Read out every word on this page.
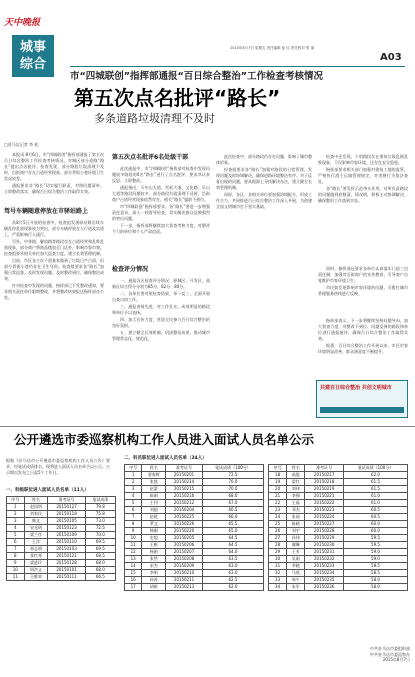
天中晚报
城事综合
2015年8月7日 星期五 责任编辑 崔 红 责任校对 张 丽
A03
市“四城联创”指挥部通报“百日综合整治”工作检查考核情况
第五次点名批评“路长”
多条道路垃圾清理不及时
□驻马店记者 李 松

本报讯 8月6日，市“四城联创”指挥部通报了第五次百日综合整治工作检查考核情况，对城区部分道路“路长”提出点名批评。检查发现，部分路段垃圾清理不及时，沿街商户存在占道经营现象，部分背街小巷环境卫生状况较差。

通报要求各“路长”切实履行职责，对照问题清单，立即整改落实，确保百日综合整治工作取得实效。

驾号车辆随意停放在市驿站路上

从8月5日开展的检查中，检查组发现驿站路沿线车辆乱停乱放现象较为突出，部分车辆停放在人行道及盲道上，严重影响行人通行。

另外，中华路、解放路等路段存在占道经营和乱堆乱放现象，部分商户将商品摆放至门店外，影响市容市貌。检查组要求相关单位加大巡查力度，建立长效管理机制。

目前，市区各主次干道基本做到了垃圾日产日清，但部分背街小巷仍存在卫生死角。检查组要求各“路长”加强日常巡查，及时发现问题、及时整改到位，确保整治成效。

针对检查中发现的问题，指挥部已下发整改通知，要求相关责任单位限期整改，并将整改结果报送指挥部办公室。

第五次点名批评6名处级干部

此次通报中，市“四城联创”指挥部对检查中发现问题较多路段的6名“路长”进行了点名批评，要求其认真反思、立即整改。

通报指出，天中山大道、雪松大道、文化路、乐山大道等路段问题较多，部分路段垃圾清理不及时，沿街商户占道经营现象依然存在，相关“路长”履职不到位。

市“四城联创”指挥部要求，各“路长”要进一步增强责任意识，深入一线督导检查，切实解决群众反映强烈的突出问题。

下一步，指挥部将继续加大督查考核力度，对整改不力的单位和个人严肃追责。

检查评分情况

一、通报各区检查评分情况：驿城区、开发区、高新区综合得分分别为85分、82分、80分。

二、各单位要对照检查结果，举一反三，全面开展自查自纠工作。

三、通报表扬先进，对工作扎实、成效明显的路段和单位予以表扬。

四、加大宣传力度，营造全民参与百日综合整治的良好氛围。

五、建立健全长效机制，巩固整治成果，推动城市管理常态化、规范化。

此次检查中，部分路段仍存在问题，影响了城市整体形象。

检查组要求各“路长”加强对路段的日常管理，发现问题及时协调解决，确保道路环境整洁有序。对于反复出现的问题，要从根源上寻找解决办法，建立健全长效管理机制。

同时，各区、各相关单位要加强协调配合，形成工作合力，共同推进百日综合整治工作深入开展，为创建全国文明城市打下坚实基础。

检查中还发现，个别路段存在建筑垃圾乱倒乱堆现象，不仅影响市容环境，还存在安全隐患。

指挥部要求相关部门加强对建筑工地的监管，严格执行渣土运输管理规定，对违规行为依法查处。

各“路长”要发挥示范带头作用，对所负责路段的问题做到底数清、情况明，积极主动协调解决，确保整治工作落到实处。

同时，指挥部还要求各单位认真落实门前三包责任制，加强对沿街商户的宣传教育，引导商户自觉维护市容环境卫生。

市民如发现影响市容环境的问题，可拨打城市管理服务热线进行反映。

指挥部表示，下一步将继续坚持问题导向，加大督查力度，对整改不到位、问题反弹的路段和单位进行通报批评，确保百日综合整治工作取得实效。

据悉，百日综合整治工作开展以来，市区市容环境明显改善，群众满意度不断提升。

共建百日综合整治 共创文明城市
公开遴选市委巡察机构工作人员进入面试人员名单公示
根据《驻马店市公开遴选市委巡察机构工作人员公告》要求，经笔试成绩排名，现将进入面试人员名单予以公示。公示期自发布之日起5个工作日。
一、科级职位进入面试人员名单（11人）
序号	姓名	准考证号	笔试成绩
1	赵国明	20150127	79.8
2	刘家民	20150118	75.8
3	韩文	20150105	73.0
4	宋光明	20150123	72.5
5	梁兰彦	20150109	70.0
6	王洋	20150110	69.5
7	郭志朋	20150103	69.5
8	张红琴	20150121	68.5
9	梁进玲	20150128	68.0
10	周洪义	20150101	68.0
11	王维荣	20150111	66.5
二、科员职位进入面试人员名单（34人）
序号	姓名	准考证号	笔试成绩（100分）
1	裴春辉	20150201	72.5
2	张凯	20150214	70.0
3	赵蒙	20150215	70.0
4	陈刚	20150216	68.0
5	王钊	20150212	67.0
6	刘超	20150204	66.5
7	赵媛	20150225	66.0
8	罗文	20150226	65.5
9	韩刚	20150220	65.0
10	史超	20150205	64.5
11	王彬	20150206	64.5
12	杨娟	20150207	64.0
13	张然	20150208	63.5
14	宋杰	20150209	63.0
15	李明	20150210	63.0
16	孙涛	20150211	62.5
17	胡新	20150213	62.0
序号	姓名	准考证号	笔试成绩（100分）
18	高俊	20150217	62.0
19	梁红	20150218	61.5
20	刘伟	20150219	61.5
21	李强	20150221	61.0
22	王磊	20150222	61.0
23	邓杰	20150223	60.5
24	张丽	20150224	60.5
25	陈晓	20150227	60.0
26	刘宇	20150228	60.0
27	孙伟	20150229	59.5
28	谢琳	20150230	59.5
29	王芳	20150231	59.0
30	吴刚	20150232	59.0
31	李晓	20150233	58.5
32	马欣	20150234	58.5
33	周平	20150235	58.0
34	朱军	20150236	58.0
中共驻马店市委组织部
中共驻马店市委巡察办
2015年8月7日
